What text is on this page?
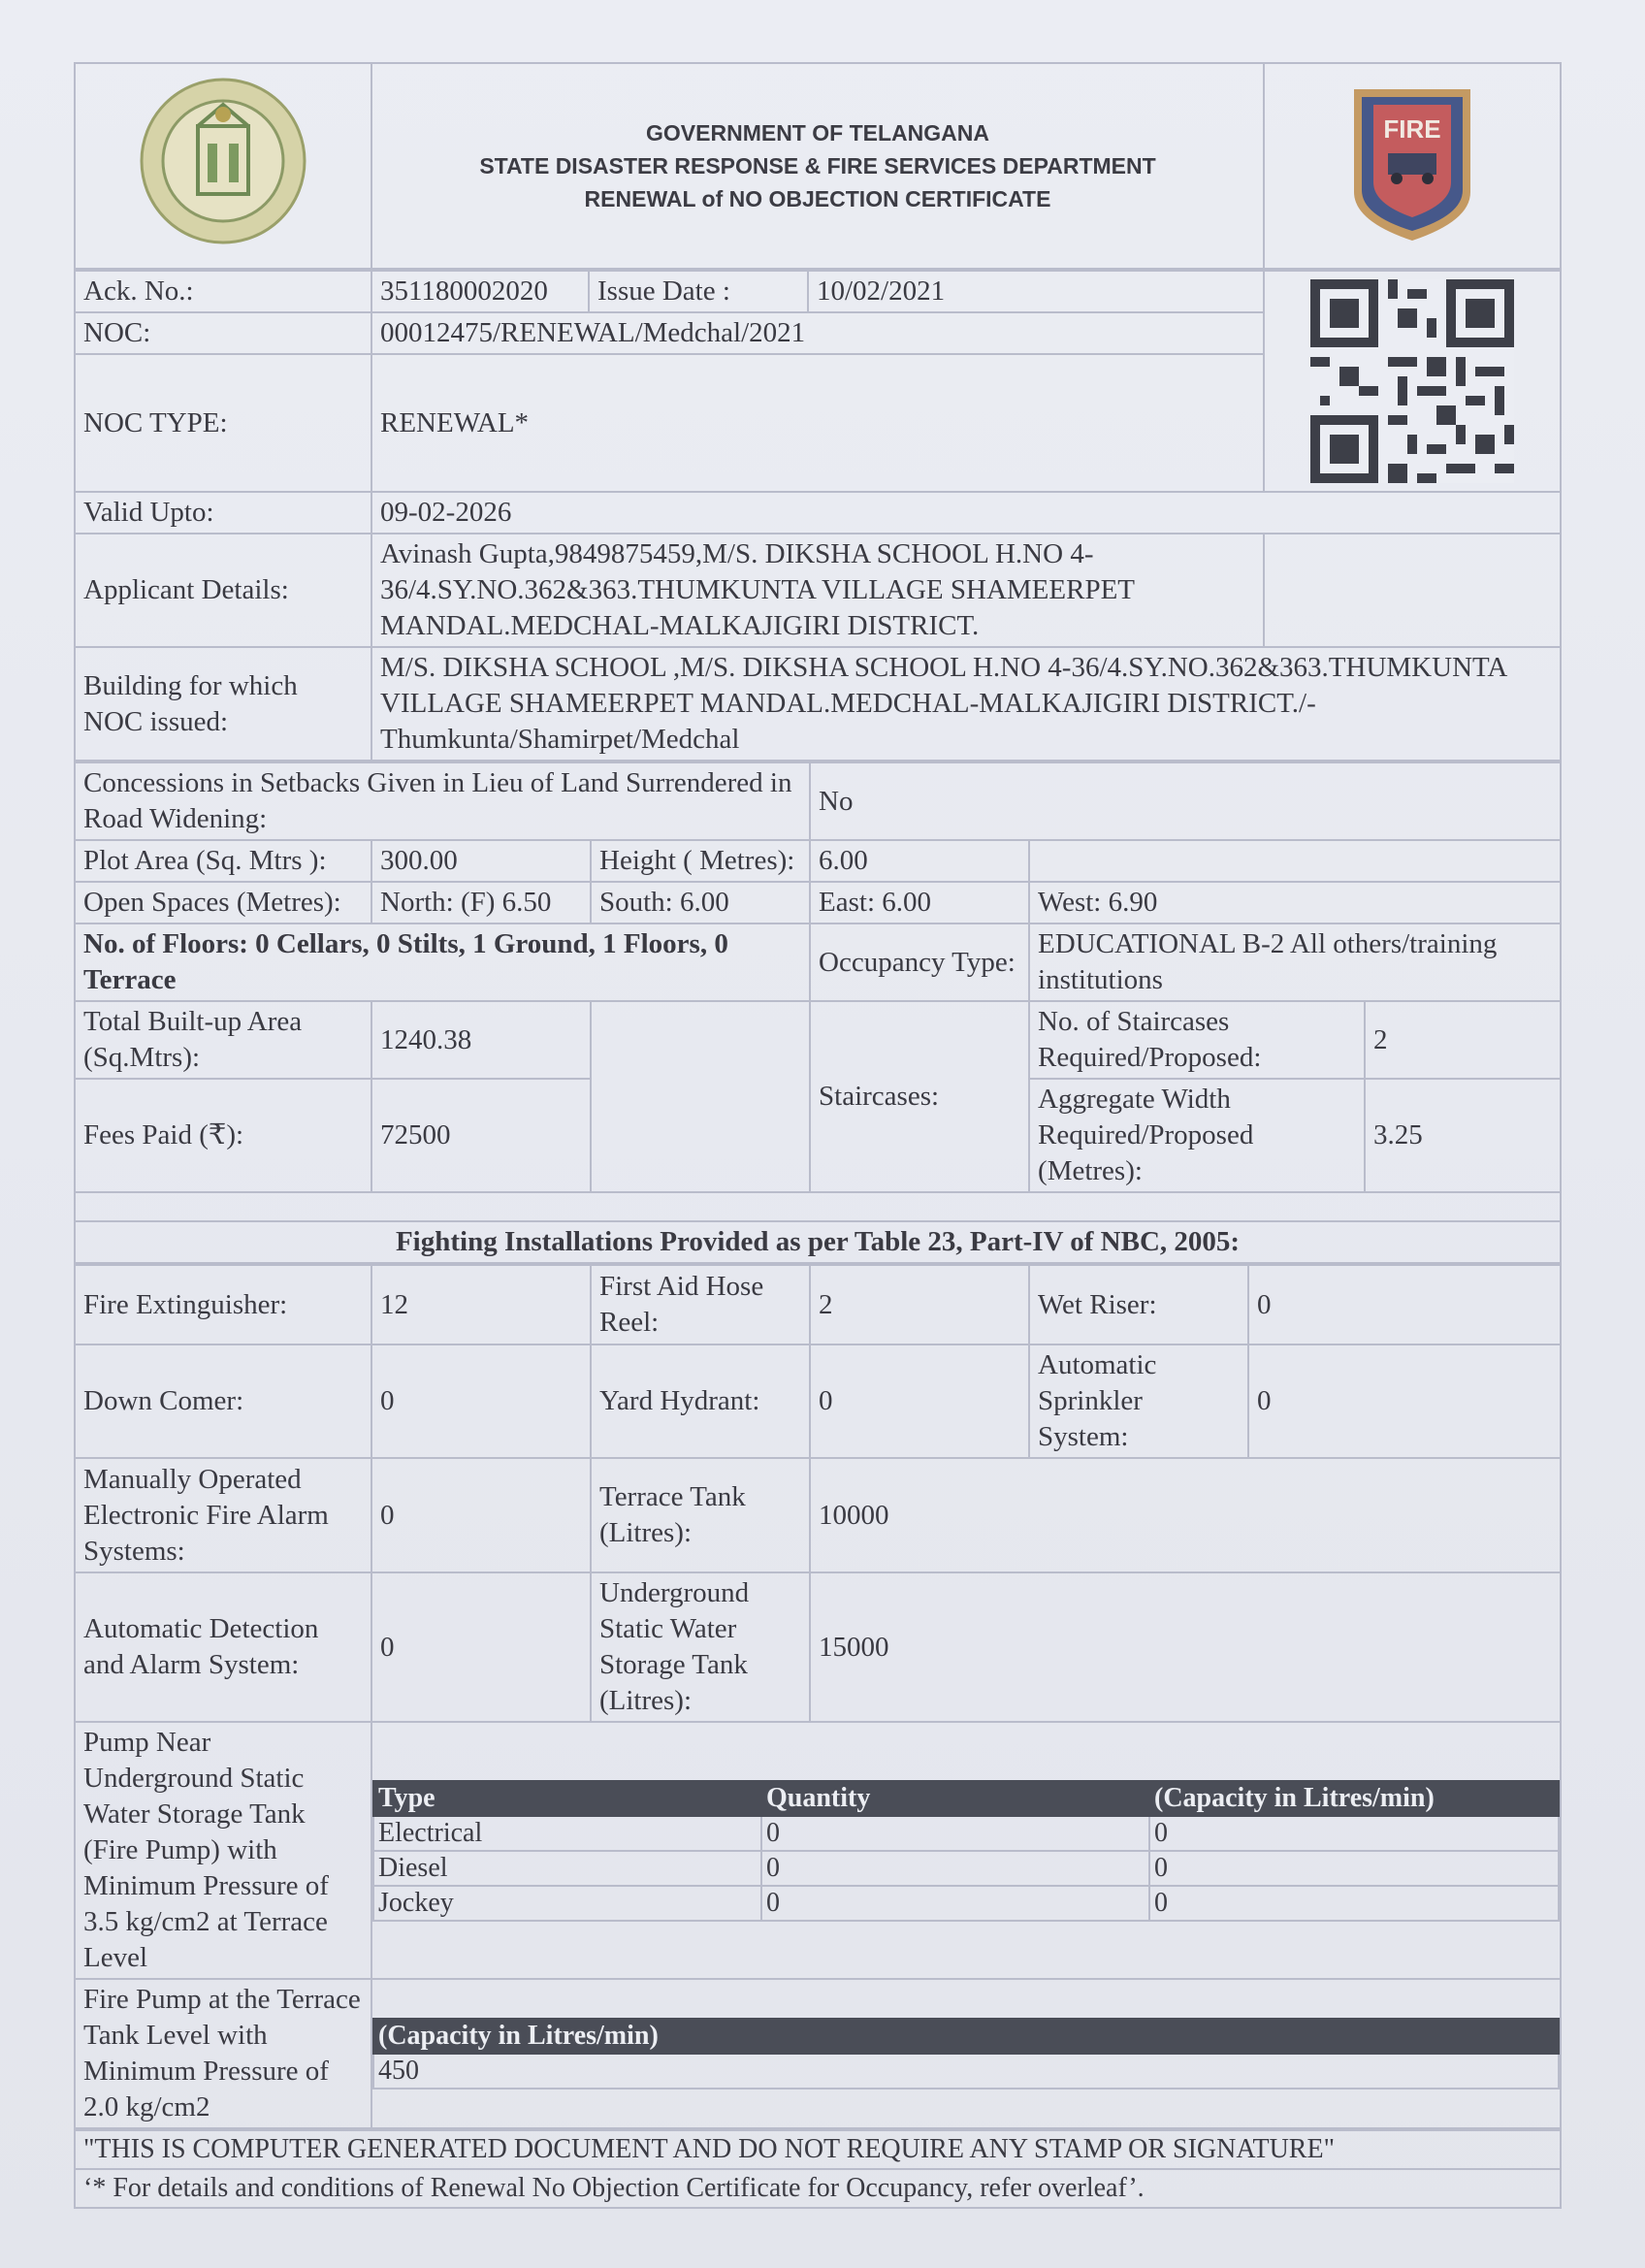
GOVERNMENT OF TELANGANA
STATE DISASTER RESPONSE & FIRE SERVICES DEPARTMENT
RENEWAL of NO OBJECTION CERTIFICATE

FIRE
Ack. No.:	351180002020	Issue Date :	10/02/2021	

NOC:	00012475/RENEWAL/Medchal/2021			
NOC TYPE:	RENEWAL*			
Valid Upto:	09-02-2026			
Applicant Details:	Avinash Gupta,9849875459,M/S. DIKSHA SCHOOL H.NO 4-36/4.SY.NO.362&363.THUMKUNTA VILLAGE SHAMEERPET MANDAL.MEDCHAL-MALKAJIGIRI DISTRICT.			
Building for which NOC issued:	M/S. DIKSHA SCHOOL ,M/S. DIKSHA SCHOOL H.NO 4-36/4.SY.NO.362&363.THUMKUNTA VILLAGE SHAMEERPET MANDAL.MEDCHAL-MALKAJIGIRI DISTRICT./-Thumkunta/Shamirpet/Medchal			
Concessions in Setbacks Given in Lieu of Land Surrendered in Road Widening:			No		
Plot Area (Sq. Mtrs ):	300.00	Height ( Metres):	6.00		
Open Spaces (Metres):	North: (F) 6.50	South: 6.00	East: 6.00	West: 6.90	
No. of Floors: 0 Cellars, 0 Stilts, 1 Ground, 1 Floors, 0 Terrace			Occupancy Type:	EDUCATIONAL B-2 All others/training institutions	
Total Built-up Area (Sq.Mtrs):	1240.38		Staircases:	No. of Staircases Required/Proposed:	2
Fees Paid (₹):	72500			Aggregate Width Required/Proposed (Metres):	3.25

Fighting Installations Provided as per Table 23, Part-IV of NBC, 2005:					
Fire Extinguisher:	12	First Aid Hose Reel:	2	Wet Riser:	0
Down Comer:	0	Yard Hydrant:	0	Automatic Sprinkler System:	0
Manually Operated Electronic Fire Alarm Systems:	0	Terrace Tank (Litres):	10000
Automatic Detection and Alarm System:	0	Underground Static Water Storage Tank (Litres):	15000
Pump Near Underground Static Water Storage Tank (Fire Pump) with Minimum Pressure of 3.5 kg/cm2 at Terrace Level	
Type	Quantity	(Capacity in Litres/min)
Electrical	0	0
Diesel	0	0
Jockey	0	0

Fire Pump at the Terrace Tank Level with Minimum Pressure of 2.0 kg/cm2	
(Capacity in Litres/min)
450
"THIS IS COMPUTER GENERATED DOCUMENT AND DO NOT REQUIRE ANY STAMP OR SIGNATURE"
‘* For details and conditions of Renewal No Objection Certificate for Occupancy, refer overleaf’.
